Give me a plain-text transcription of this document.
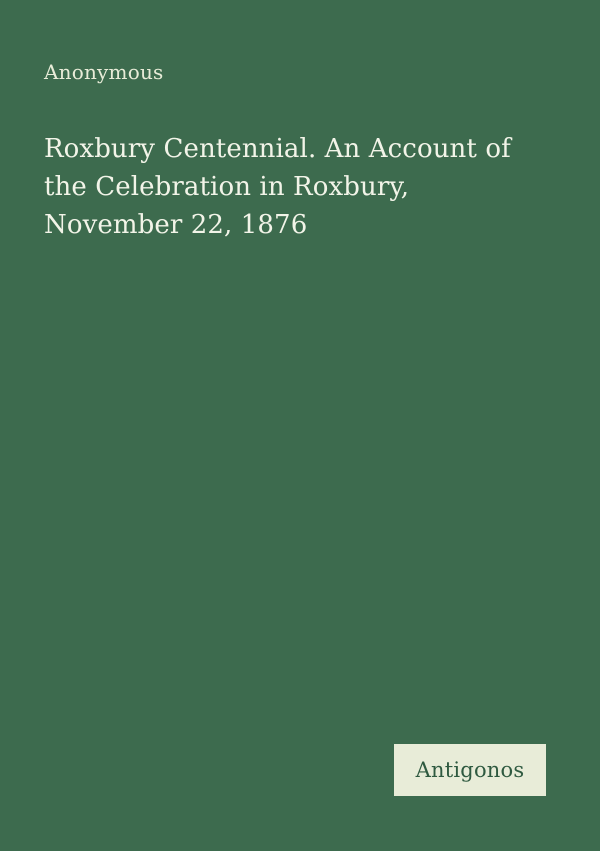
Anonymous
Roxbury Centennial. An Account of the Celebration in Roxbury, November 22, 1876
Antigonos
